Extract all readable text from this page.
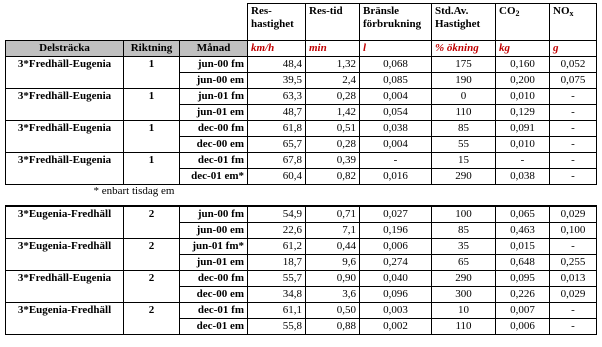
			Res-hastighet	Res-tid	Bränsle förbrukning	Std.Av. Hastighet	$CO_2$	$NO_x$
Delsträcka	Riktning	Månad	km/h	min	l	% ökning	kg	g
3*Fredhäll-Eugenia	1	jun-00 fm	48,4	1,32	0,068	175	0,160	0,052
		jun-00 em	39,5	2,4	0,085	190	0,200	0,075
3*Fredhäll-Eugenia	1	jun-01 fm	63,3	0,28	0,004	0	0,010	-
		jun-01 em	48,7	1,42	0,054	110	0,129	-
3*Fredhäll-Eugenia	1	dec-00 fm	61,8	0,51	0,038	85	0,091	-
		dec-00 em	65,7	0,28	0,004	55	0,010	-
3*Fredhäll-Eugenia	1	dec-01 fm	67,8	0,39	-	15	-	-
		dec-01 em*	60,4	0,82	0,016	290	0,038	-
* enbart tisdag em								

3*Eugenia-Fredhäll	2	jun-00 fm	54,9	0,71	0,027	100	0,065	0,029
		jun-00 em	22,6	7,1	0,196	85	0,463	0,100
3*Eugenia-Fredhäll	2	jun-01 fm*	61,2	0,44	0,006	35	0,015	-
		jun-01 em	18,7	9,6	0,274	65	0,648	0,255
3*Fredhäll-Eugenia	2	dec-00 fm	55,7	0,90	0,040	290	0,095	0,013
		dec-00 em	34,8	3,6	0,096	300	0,226	0,029
3*Eugenia-Fredhäll	2	dec-01 fm	61,1	0,50	0,003	10	0,007	-
		dec-01 em	55,8	0,88	0,002	110	0,006	-
